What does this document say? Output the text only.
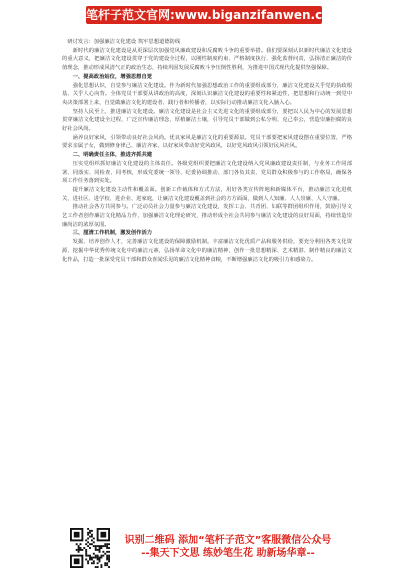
笔杆子范文官网:www.biganzifanwen.com

研讨发言：加强廉洁文化建设 筑牢思想道德防线

新时代的廉洁文化建设是从更深层次加强党风廉政建设和反腐败斗争的重要举措。我们要深刻认识新时代廉洁文化建设的重大意义，把廉洁文化建设贯穿于党的建设全过程，以刚性制度约束、严格制度执行、强化监督问责，弘扬清正廉洁的价值理念，推动形成风清气正的政治生态，持续巩固发展反腐败斗争压倒性胜利，为推进中国式现代化提供坚强保障。

一、提高政治站位，增强思想自觉

强化思想认识，自觉参与廉洁文化建设。作为新时代加强思想政治工作的重要组成部分，廉洁文化建设关乎党的执政根基、关乎人心向背。全体党员干部要从讲政治的高度，深刻认识廉洁文化建设的重要性和紧迫性，把思想和行动统一到党中央决策部署上来，自觉做廉洁文化的建设者、践行者和传播者，以实际行动推动廉洁文化入脑入心。

坚持人民至上，推进廉洁文化建设。廉洁文化建设是社会主义先进文化的重要组成部分，要把以人民为中心的发展思想贯穿廉洁文化建设全过程，广泛宣传廉洁理念，厚植廉洁土壤，引导党员干部做到公私分明、克己奉公，营造崇廉拒腐的良好社会风尚。

涵养良好家风，引领带动良好社会风尚。优良家风是廉洁文化的重要源泉。党员干部要把家风建设摆在重要位置，严格要求亲属子女，做到修身律己、廉洁齐家，以好家风带动好党风政风，以好党风政风引领好民风社风。

二、明确责任主体，推进齐抓共建

压实党组织抓好廉洁文化建设的主体责任。各级党组织要把廉洁文化建设纳入党风廉政建设责任制，与业务工作同部署、同落实、同检查、同考核，形成党委统一领导、纪委协调推动、部门各负其责、党员群众积极参与的工作格局，确保各项工作任务落到实处。

提升廉洁文化建设主动性和覆盖面。创新工作载体和方式方法，用好各类宣传阵地和新媒体平台，推动廉洁文化进机关、进社区、进学校、进企业、进家庭，让廉洁文化建设覆盖到社会的方方面面，做到人人知廉、人人崇廉、人人守廉。

推动社会各方共同参与。广泛动员社会力量参与廉洁文化建设，发挥工会、共青团、妇联等群团组织作用，鼓励引导文艺工作者创作廉洁文化精品力作，加强廉洁文化理论研究，推动形成全社会共同参与廉洁文化建设的良好局面，持续营造崇廉尚洁的浓厚氛围。

三、厘清工作机制，激发创作活力

发掘、培养创作人才，完善廉洁文化建设的保障激励机制。丰富廉洁文化优质产品和服务供给，要充分利用各类文化资源，挖掘中华优秀传统文化中的廉洁元素，弘扬革命文化中的廉洁精神，创作一批思想精深、艺术精湛、制作精良的廉洁文化作品，打造一批深受党员干部和群众喜闻乐见的廉洁文化精神食粮，不断增强廉洁文化的吸引力和感染力。

识别二维码 添加“笔杆子范文”客服微信公众号
--集天下文思 练妙笔生花 助新场华章--
